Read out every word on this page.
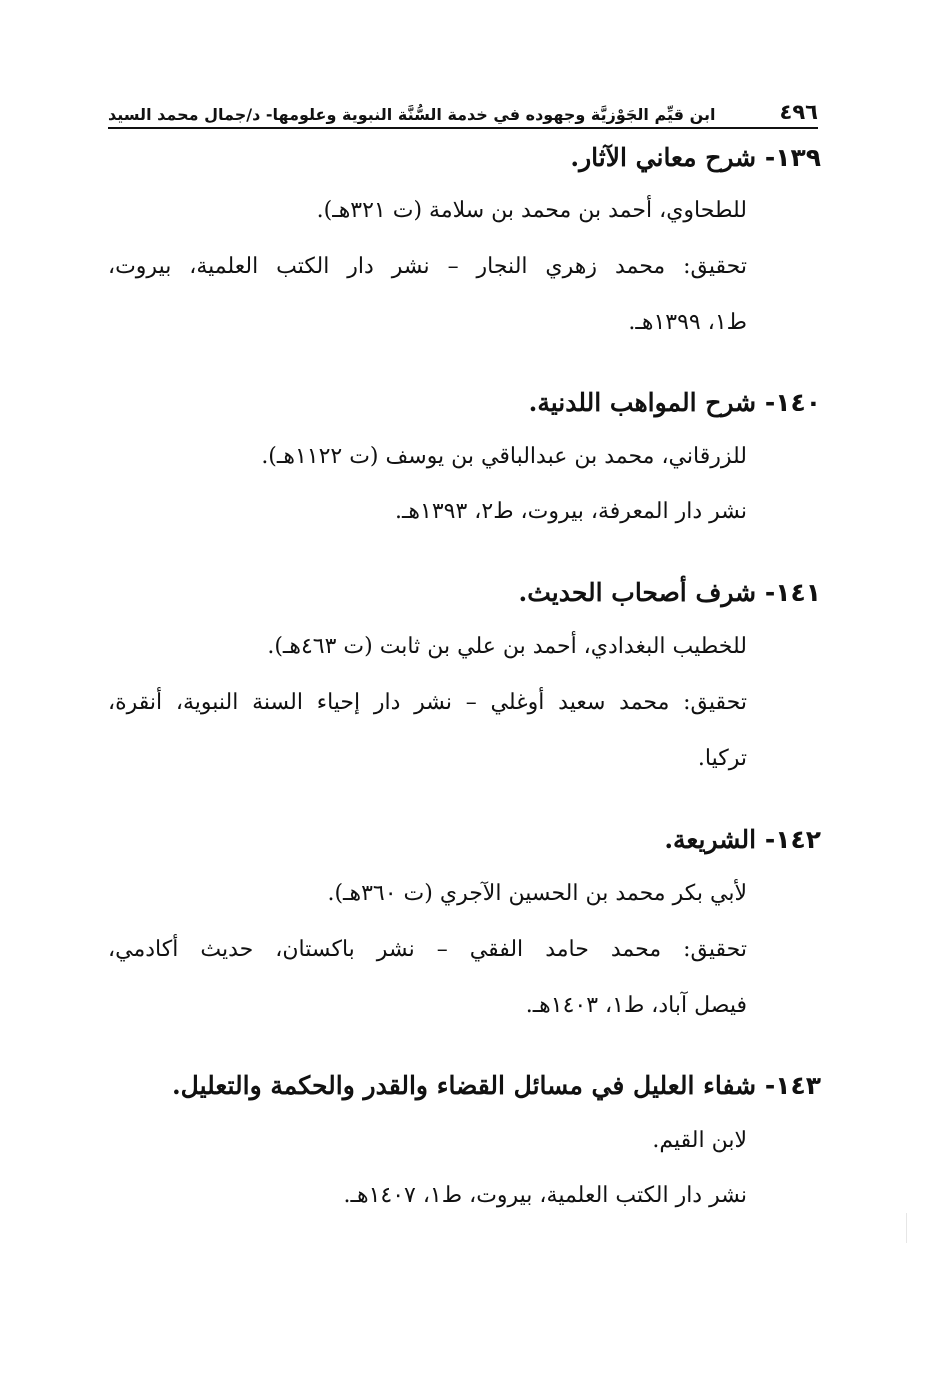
٤٩٦
ابن قيِّم الجَوْزيَّة وجهوده في خدمة السُّنَّة النبوية وعلومها- د/جمال محمد السيد
١٣٩- شرح معاني الآثار.
للطحاوي، أحمد بن محمد بن سلامة (ت ٣٢١هـ).
تحقيق: محمد زهري النجار – نشر دار الكتب العلمية، بيروت،
ط١، ١٣٩٩هـ.
١٤٠- شرح المواهب اللدنية.
للزرقاني، محمد بن عبدالباقي بن يوسف (ت ١١٢٢هـ).
نشر دار المعرفة، بيروت، ط٢، ١٣٩٣هـ.
١٤١- شرف أصحاب الحديث.
للخطيب البغدادي، أحمد بن علي بن ثابت (ت ٤٦٣هـ).
تحقيق: محمد سعيد أوغلي – نشر دار إحياء السنة النبوية، أنقرة،
تركيا.
١٤٢- الشريعة.
لأبي بكر محمد بن الحسين الآجري (ت ٣٦٠هـ).
تحقيق: محمد حامد الفقي – نشر باكستان، حديث أكادمي،
فيصل آباد، ط١، ١٤٠٣هـ.
١٤٣- شفاء العليل في مسائل القضاء والقدر والحكمة والتعليل.
لابن القيم.
نشر دار الكتب العلمية، بيروت، ط١، ١٤٠٧هـ.
